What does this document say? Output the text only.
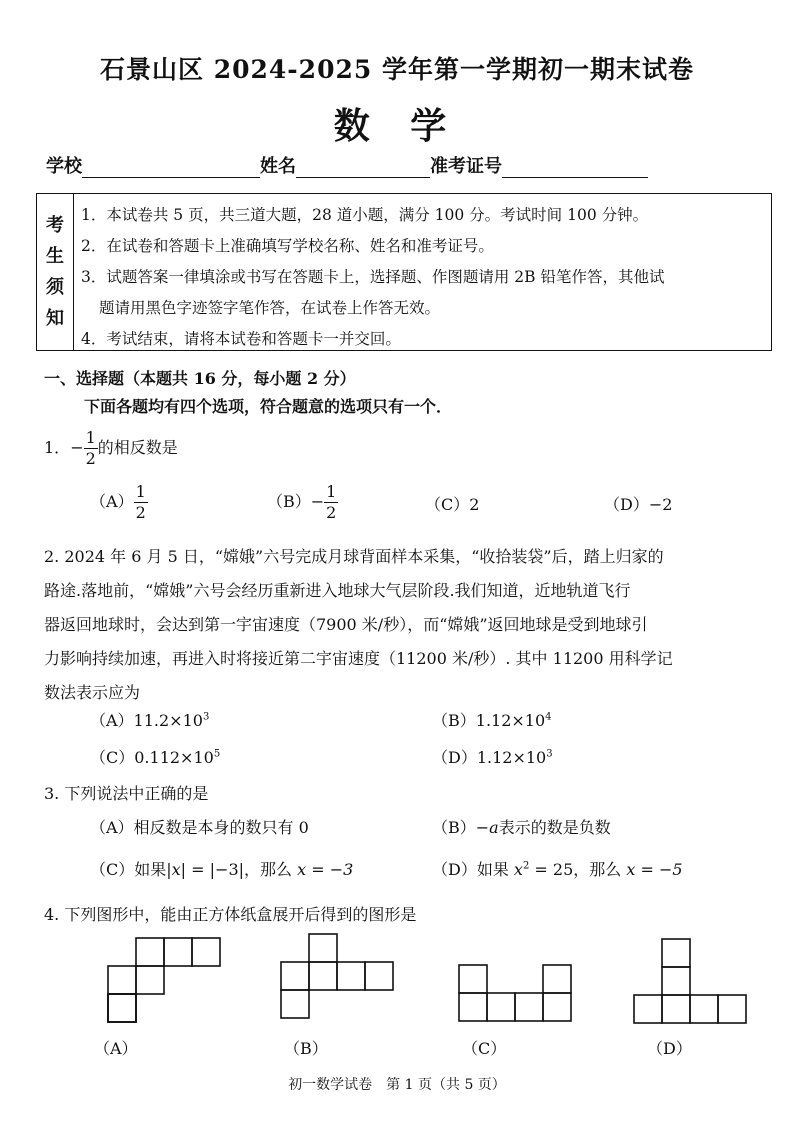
石景山区 2024-2025 学年第一学期初一期末试卷
数 学
学校	姓名	准考证号
考
生
须
知
1．本试卷共 5 页，共三道大题，28 道小题，满分 100 分。考试时间 100 分钟。
2．在试卷和答题卡上准确填写学校名称、姓名和准考证号。
3．试题答案一律填涂或书写在答题卡上，选择题、作图题请用 2B 铅笔作答，其他试
题请用黑色字迹签字笔作答，在试卷上作答无效。
4．考试结束，请将本试卷和答题卡一并交回。
一、选择题（本题共 16 分，每小题 2 分）
下面各题均有四个选项，符合题意的选项只有一个．
1．− $\frac{1}{2}$ 的相反数是
$(A) \frac{1}{2}$	$(B)- \frac{1}{2}$	（C）2	（D）−2
2. 2024 年 6 月 5 日，“嫦娥”六号完成月球背面样本采集，“收拾装袋”后，踏上归家的
路途.落地前，“嫦娥”六号会经历重新进入地球大气层阶段.我们知道，近地轨道飞行
器返回地球时，会达到第一宇宙速度（7900 米/秒），而“嫦娥”返回地球是受到地球引
力影响持续加速，再进入时将接近第二宇宙速度（11200 米/秒）. 其中 11200 用科学记
数法表示应为
$(A)11.2\times 10^3$	$(B)1.12\times 10^4$
$(C)0.112\times 10^5$	$(D)1.12\times 10^3$
3. 下列说法中正确的是
（A）相反数是本身的数只有 0	（B）−a表示的数是负数
（C）如果|x| = |−3|，那么 x = −3	（D）如果 $x^2 = 25$，那么 x = −5
4. 下列图形中，能由正方体纸盒展开后得到的图形是
（A）	（B）	（C）	（D）
初一数学试卷　第 1 页（共 5 页）
